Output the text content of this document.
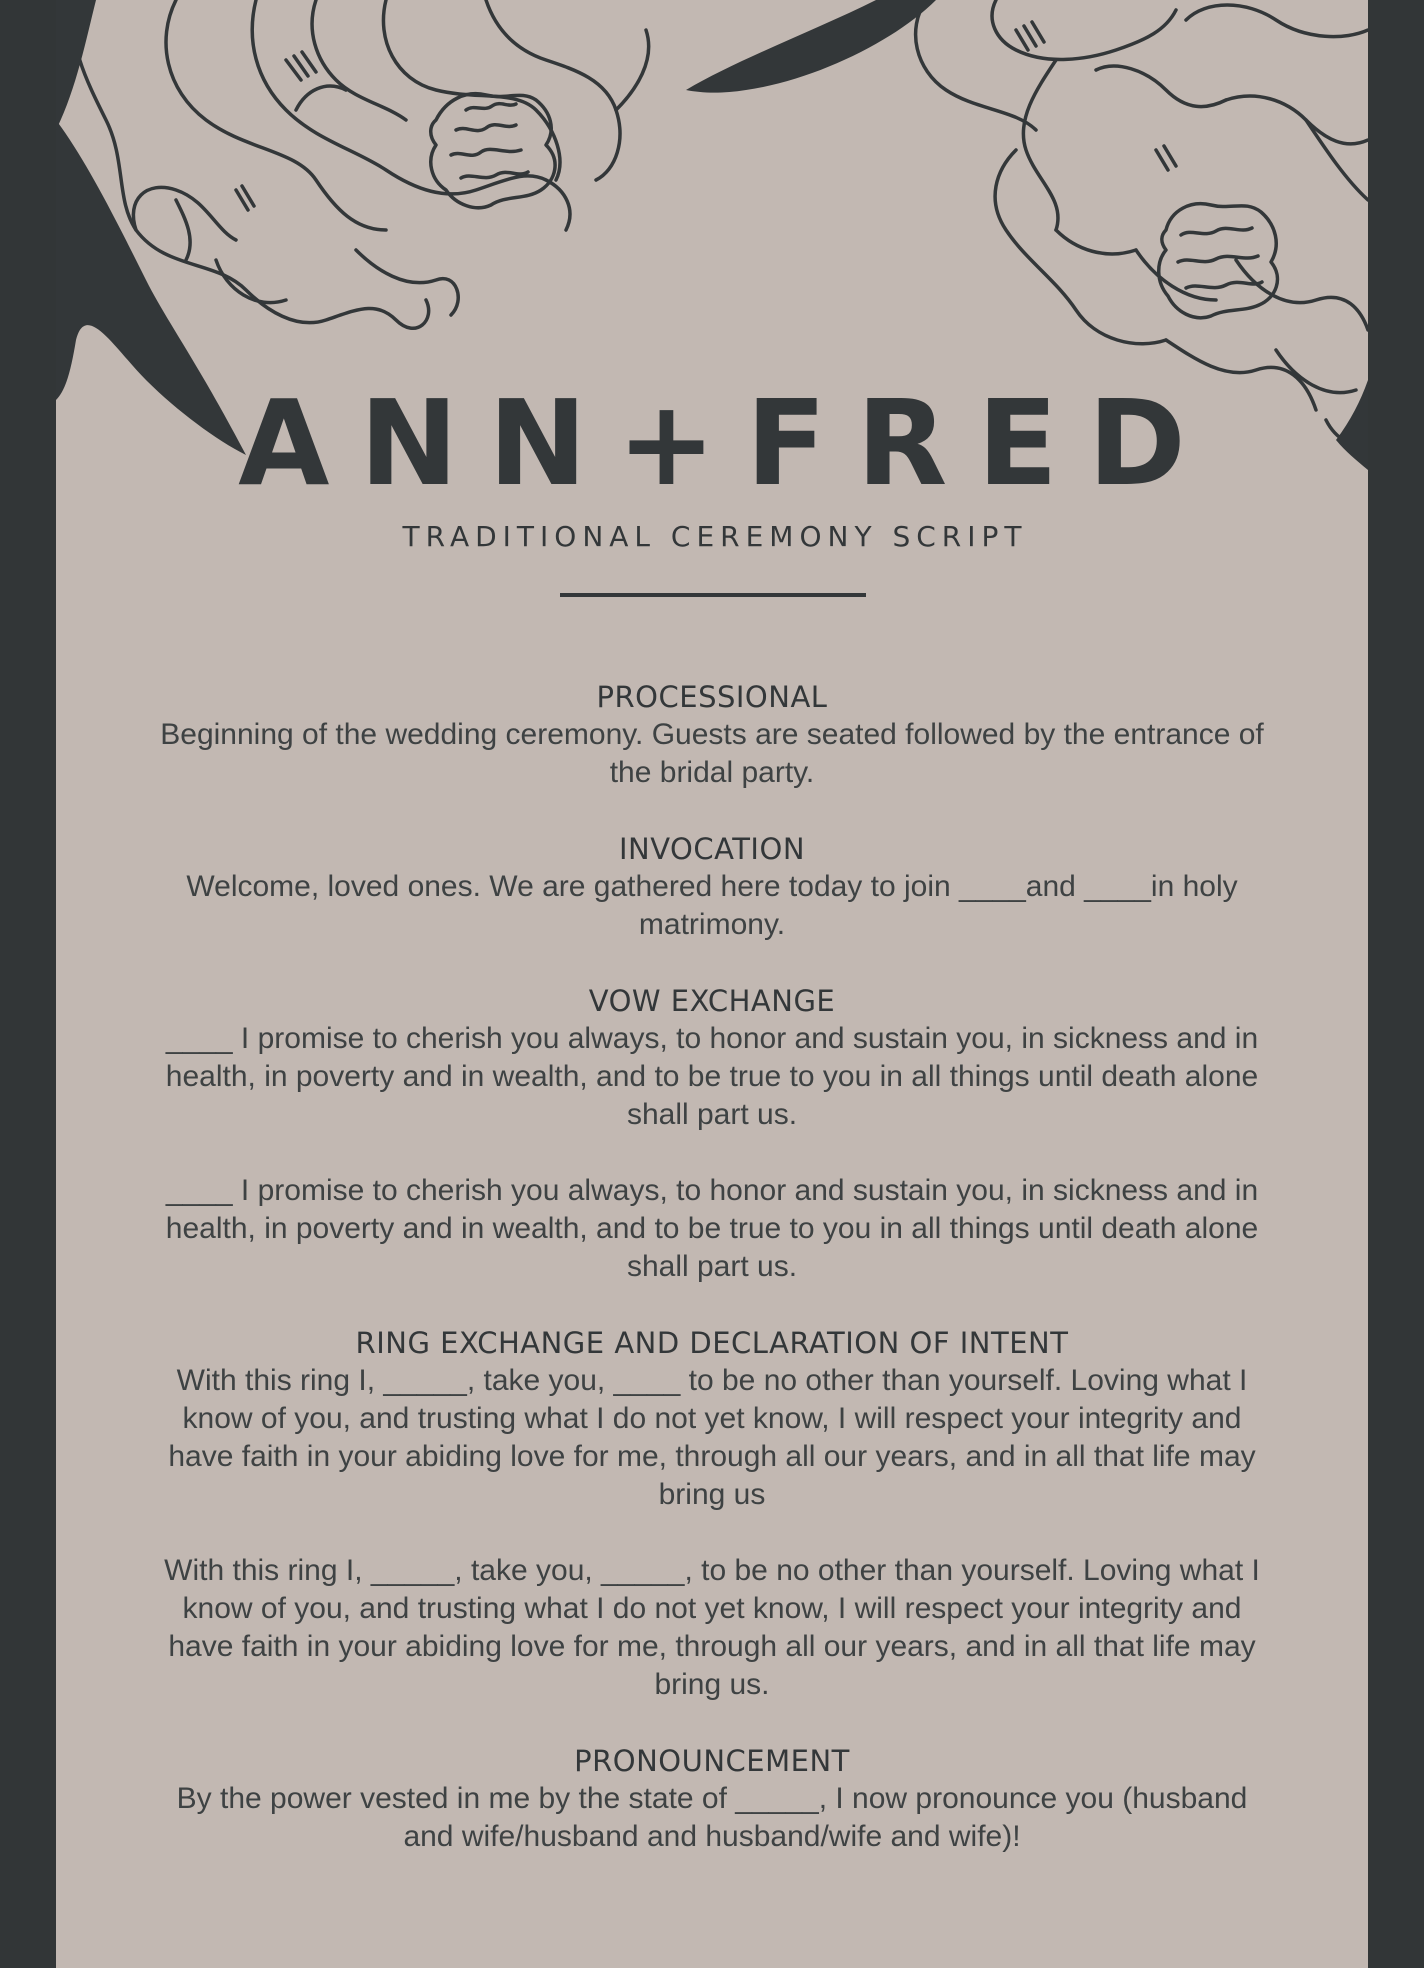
ANN+FRED
TRADITIONAL CEREMONY SCRIPT
PROCESSIONAL

Beginning of the wedding ceremony. Guests are seated followed by the entrance of the bridal party.

INVOCATION

Welcome, loved ones. We are gathered here today to join ____and ____in holy matrimony.

VOW EXCHANGE

____ I promise to cherish you always, to honor and sustain you, in sickness and in health, in poverty and in wealth, and to be true to you in all things until death alone shall part us.

____ I promise to cherish you always, to honor and sustain you, in sickness and in health, in poverty and in wealth, and to be true to you in all things until death alone shall part us.

RING EXCHANGE AND DECLARATION OF INTENT

With this ring I, _____, take you, ____ to be no other than yourself. Loving what I know of you, and trusting what I do not yet know, I will respect your integrity and have faith in your abiding love for me, through all our years, and in all that life may bring us

With this ring I, _____, take you, _____, to be no other than yourself. Loving what I know of you, and trusting what I do not yet know, I will respect your integrity and have faith in your abiding love for me, through all our years, and in all that life may bring us.

PRONOUNCEMENT

By the power vested in me by the state of _____, I now pronounce you (husband and wife/husband and husband/wife and wife)!
